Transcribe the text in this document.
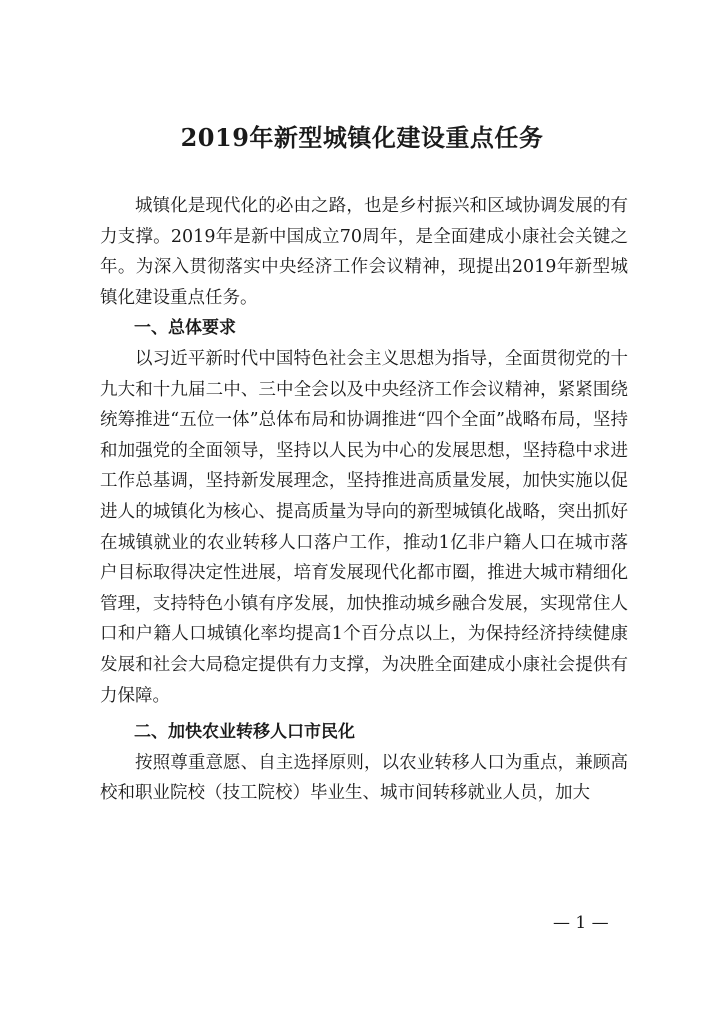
2019年新型城镇化建设重点任务

城镇化是现代化的必由之路，也是乡村振兴和区域协调发展的有力支撑。2019年是新中国成立70周年，是全面建成小康社会关键之年。为深入贯彻落实中央经济工作会议精神，现提出2019年新型城镇化建设重点任务。

一、总体要求

以习近平新时代中国特色社会主义思想为指导，全面贯彻党的十九大和十九届二中、三中全会以及中央经济工作会议精神，紧紧围绕统筹推进“五位一体”总体布局和协调推进“四个全面”战略布局，坚持和加强党的全面领导，坚持以人民为中心的发展思想，坚持稳中求进工作总基调，坚持新发展理念，坚持推进高质量发展，加快实施以促进人的城镇化为核心、提高质量为导向的新型城镇化战略，突出抓好在城镇就业的农业转移人口落户工作，推动1亿非户籍人口在城市落户目标取得决定性进展，培育发展现代化都市圈，推进大城市精细化管理，支持特色小镇有序发展，加快推动城乡融合发展，实现常住人口和户籍人口城镇化率均提高1个百分点以上，为保持经济持续健康发展和社会大局稳定提供有力支撑，为决胜全面建成小康社会提供有力保障。

二、加快农业转移人口市民化

按照尊重意愿、自主选择原则，以农业转移人口为重点，兼顾高校和职业院校（技工院校）毕业生、城市间转移就业人员，加大

— 1 —
